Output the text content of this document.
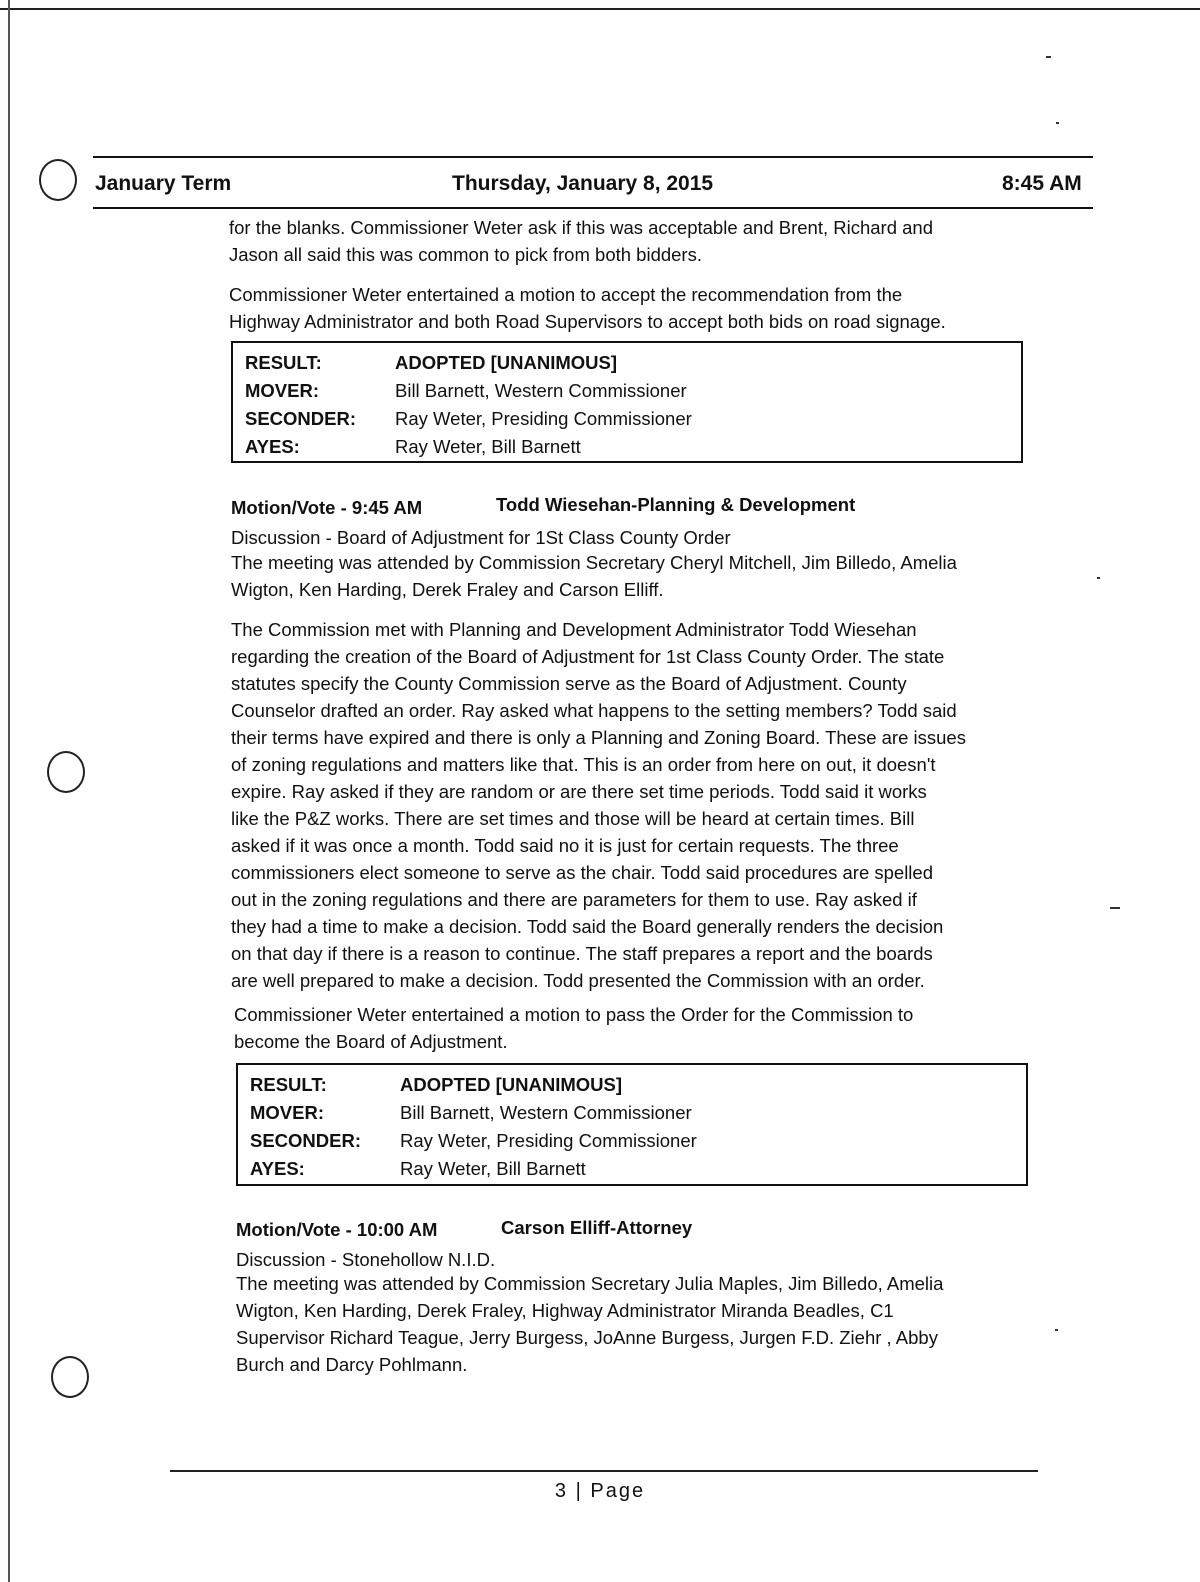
January Term	Thursday, January 8, 2015	8:45 AM
for the blanks. Commissioner Weter ask if this was acceptable and Brent, Richard and
Jason all said this was common to pick from both bidders.
Commissioner Weter entertained a motion to accept the recommendation from the
Highway Administrator and both Road Supervisors to accept both bids on road signage.
RESULT:	ADOPTED [UNANIMOUS]
MOVER:	Bill Barnett, Western Commissioner
SECONDER:	Ray Weter, Presiding Commissioner
AYES:	Ray Weter, Bill Barnett
Motion/Vote - 9:45 AM	Todd Wiesehan-Planning & Development
Discussion - Board of Adjustment for 1St Class County Order
The meeting was attended by Commission Secretary Cheryl Mitchell, Jim Billedo, Amelia
Wigton, Ken Harding, Derek Fraley and Carson Elliff.
The Commission met with Planning and Development Administrator Todd Wiesehan
regarding the creation of the Board of Adjustment for 1st Class County Order. The state
statutes specify the County Commission serve as the Board of Adjustment. County
Counselor drafted an order. Ray asked what happens to the setting members? Todd said
their terms have expired and there is only a Planning and Zoning Board. These are issues
of zoning regulations and matters like that. This is an order from here on out, it doesn't
expire. Ray asked if they are random or are there set time periods. Todd said it works
like the P&Z works. There are set times and those will be heard at certain times. Bill
asked if it was once a month. Todd said no it is just for certain requests. The three
commissioners elect someone to serve as the chair. Todd said procedures are spelled
out in the zoning regulations and there are parameters for them to use. Ray asked if
they had a time to make a decision. Todd said the Board generally renders the decision
on that day if there is a reason to continue. The staff prepares a report and the boards
are well prepared to make a decision. Todd presented the Commission with an order.
Commissioner Weter entertained a motion to pass the Order for the Commission to
become the Board of Adjustment.
RESULT:	ADOPTED [UNANIMOUS]
MOVER:	Bill Barnett, Western Commissioner
SECONDER:	Ray Weter, Presiding Commissioner
AYES:	Ray Weter, Bill Barnett
Motion/Vote - 10:00 AM	Carson Elliff-Attorney
Discussion - Stonehollow N.I.D.
The meeting was attended by Commission Secretary Julia Maples, Jim Billedo, Amelia
Wigton, Ken Harding, Derek Fraley, Highway Administrator Miranda Beadles, C1
Supervisor Richard Teague, Jerry Burgess, JoAnne Burgess, Jurgen F.D. Ziehr , Abby
Burch and Darcy Pohlmann.
3 | Page
